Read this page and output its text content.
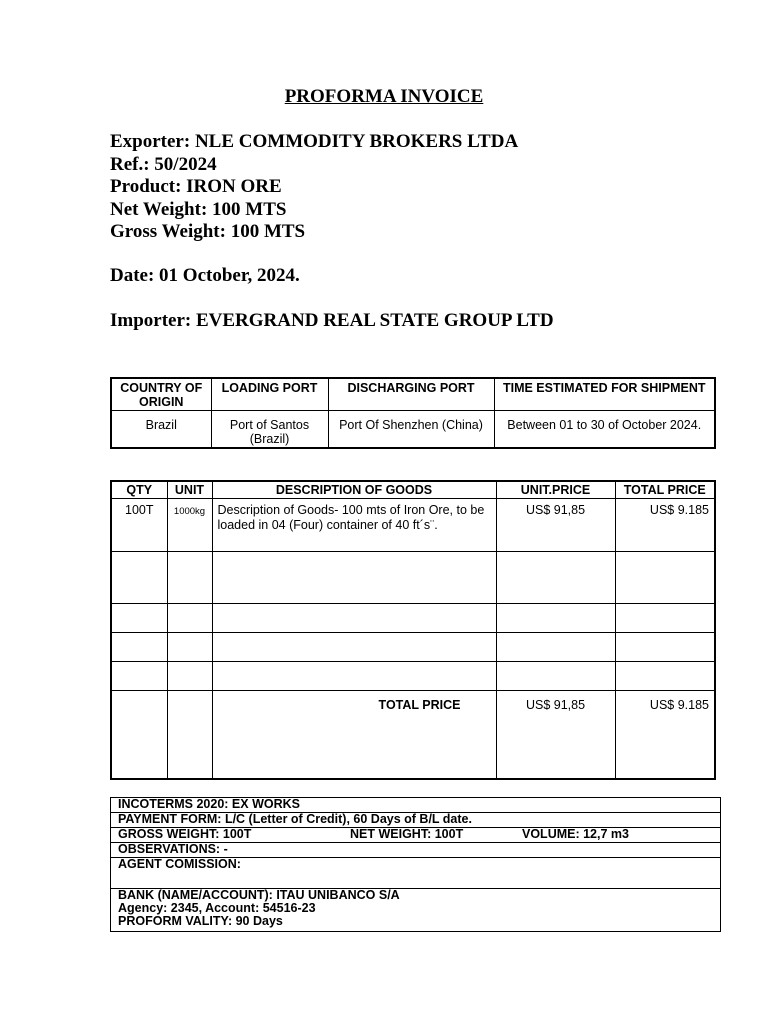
PROFORMA INVOICE
Exporter: NLE COMMODITY BROKERS LTDA
Ref.: 50/2024
Product: IRON ORE
Net Weight: 100 MTS
Gross Weight: 100 MTS
Date: 01 October, 2024.
Importer: EVERGRAND REAL STATE GROUP LTD
COUNTRY OF ORIGIN	LOADING PORT	DISCHARGING PORT	TIME ESTIMATED FOR SHIPMENT
Brazil	Port of Santos (Brazil)	Port Of Shenzhen (China)	Between 01 to 30 of October 2024.
QTY	UNIT	DESCRIPTION OF GOODS	UNIT.PRICE	TOTAL PRICE
100T	1000kg	Description of Goods- 100 mts of Iron Ore, to be loaded in 04 (Four) container of 40 ft´s¨.	US$ 91,85	US$ 9.185

		TOTAL PRICE	US$ 91,85	US$ 9.185
INCOTERMS 2020: EX WORKS
PAYMENT FORM: L/C (Letter of Credit), 60 Days of B/L date.
GROSS WEIGHT: 100T	NET WEIGHT: 100T	VOLUME: 12,7 m3
OBSERVATIONS: -
AGENT COMISSION:

BANK (NAME/ACCOUNT): ITAU UNIBANCO S/A
Agency: 2345, Account: 54516-23
PROFORM VALITY: 90 Days
